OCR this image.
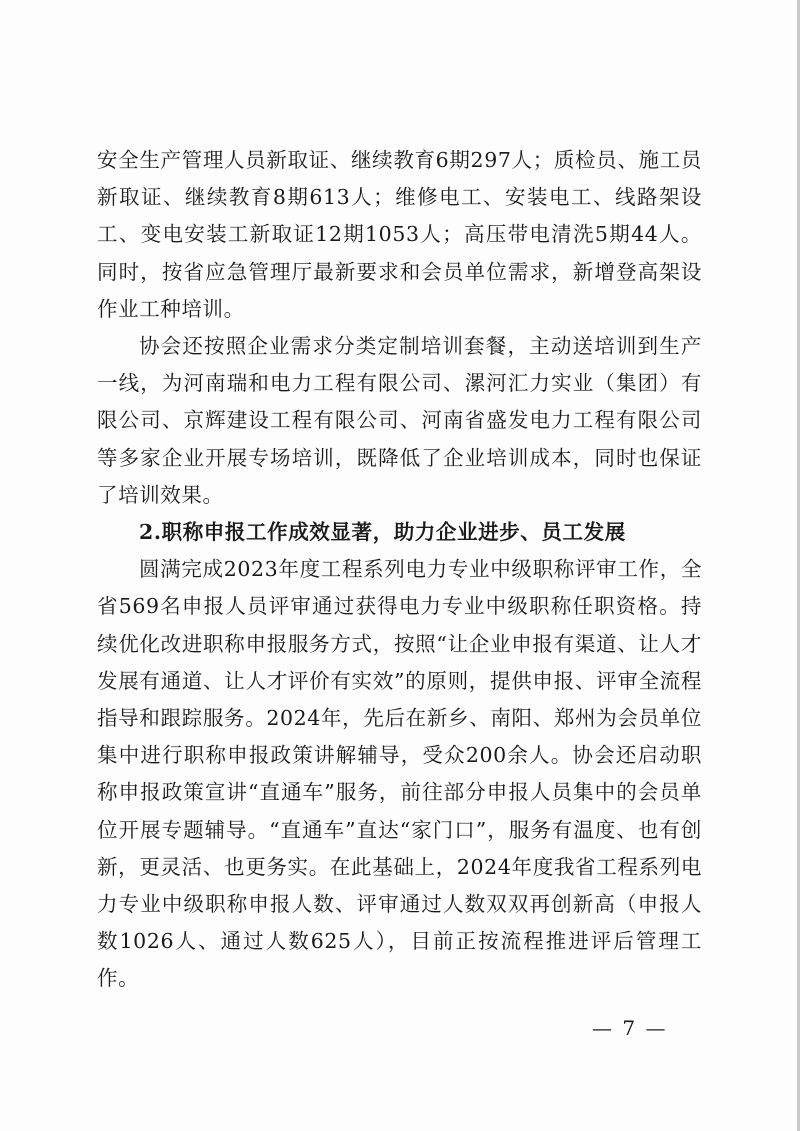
安全生产管理人员新取证、继续教育6期297人；质检员、施工员新取证、继续教育8期613人；维修电工、安装电工、线路架设工、变电安装工新取证12期1053人；高压带电清洗5期44人。同时，按省应急管理厅最新要求和会员单位需求，新增登高架设作业工种培训。

协会还按照企业需求分类定制培训套餐，主动送培训到生产一线，为河南瑞和电力工程有限公司、漯河汇力实业（集团）有限公司、京辉建设工程有限公司、河南省盛发电力工程有限公司等多家企业开展专场培训，既降低了企业培训成本，同时也保证了培训效果。

2.职称申报工作成效显著，助力企业进步、员工发展

圆满完成2023年度工程系列电力专业中级职称评审工作，全省569名申报人员评审通过获得电力专业中级职称任职资格。持续优化改进职称申报服务方式，按照“让企业申报有渠道、让人才发展有通道、让人才评价有实效”的原则，提供申报、评审全流程指导和跟踪服务。2024年，先后在新乡、南阳、郑州为会员单位集中进行职称申报政策讲解辅导，受众200余人。协会还启动职称申报政策宣讲“直通车”服务，前往部分申报人员集中的会员单位开展专题辅导。“直通车”直达“家门口”，服务有温度、也有创新，更灵活、也更务实。在此基础上，2024年度我省工程系列电力专业中级职称申报人数、评审通过人数双双再创新高（申报人数1026人、通过人数625人），目前正按流程推进评后管理工作。

— 7 —
